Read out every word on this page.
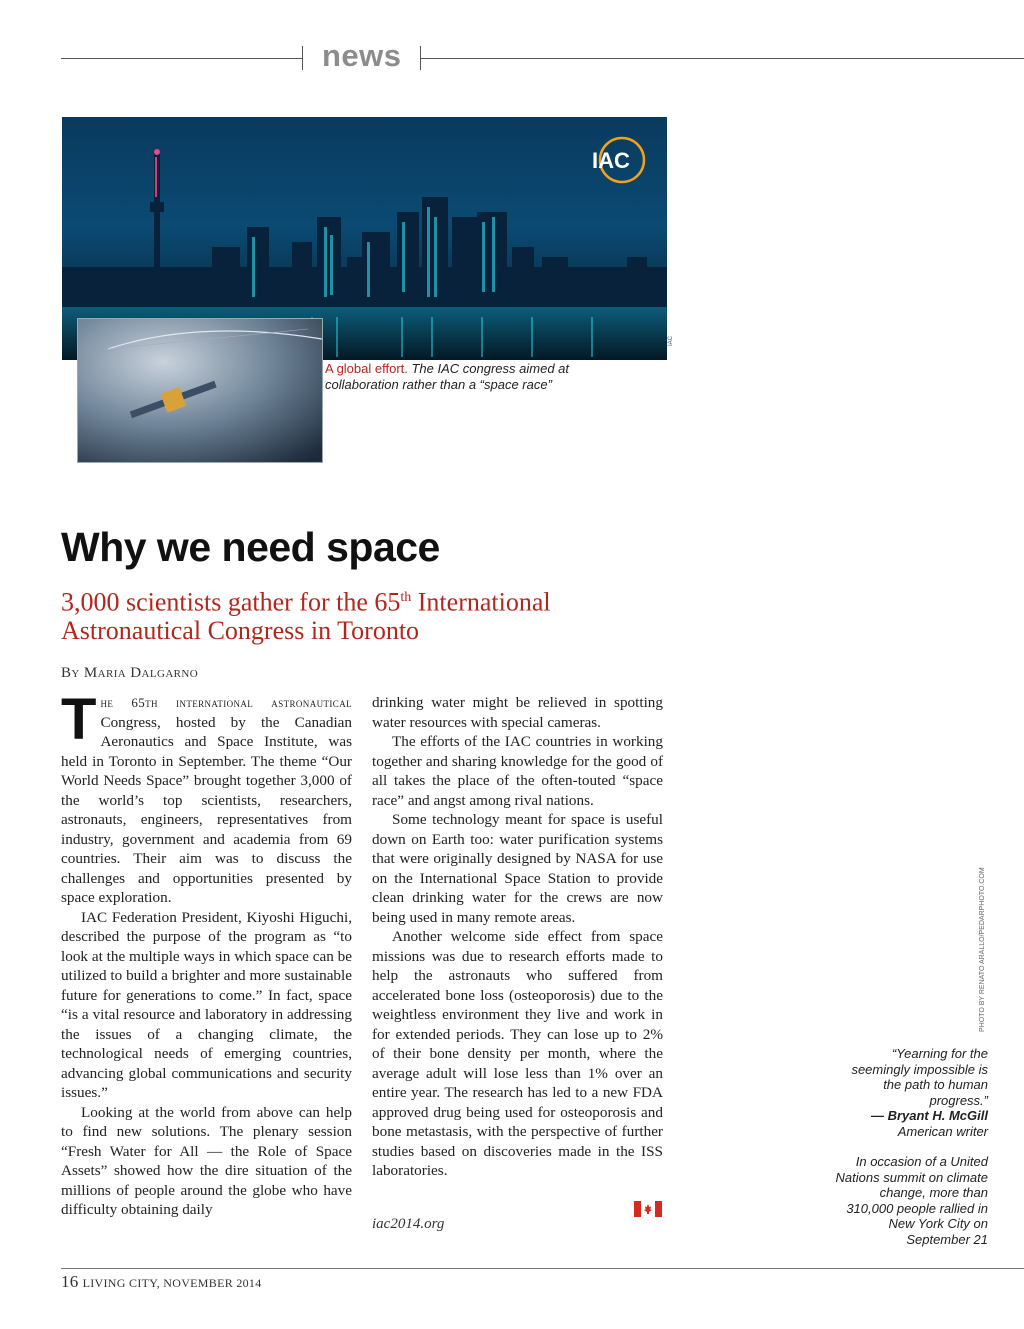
news
IAC
IAC
A global effort. The IAC congress aimed at collaboration rather than a “space race”
Why we need space
3,000 scientists gather for the 65th International Astronautical Congress in Toronto
By Maria Dalgarno

The 65th international astronautical Congress, hosted by the Canadian Aeronautics and Space Institute, was held in Toronto in September. The theme “Our World Needs Space” brought together 3,000 of the world’s top scientists, researchers, astronauts, engineers, representatives from industry, government and academia from 69 countries. Their aim was to discuss the challenges and opportunities presented by space exploration.

IAC Federation President, Kiyoshi Higuchi, described the purpose of the program as “to look at the multiple ways in which space can be utilized to build a brighter and more sustainable future for generations to come.” In fact, space “is a vital resource and laboratory in addressing the issues of a changing climate, the technological needs of emerging countries, advancing global communications and security issues.”

Looking at the world from above can help to find new solutions. The plenary session “Fresh Water for All — the Role of Space Assets” showed how the dire situation of the millions of people around the globe who have difficulty obtaining daily

drinking water might be relieved in spotting water resources with special cameras.

The efforts of the IAC countries in working together and sharing knowledge for the good of all takes the place of the often-touted “space race” and angst among rival nations.

Some technology meant for space is useful down on Earth too: water purification systems that were originally designed by NASA for use on the International Space Station to provide clean drinking water for the crews are now being used in many remote areas.

Another welcome side effect from space missions was due to research efforts made to help the astronauts who suffered from accelerated bone loss (osteoporosis) due to the weightless environment they live and work in for extended periods. They can lose up to 2% of their bone density per month, where the average adult will lose less than 1% over an entire year. The research has led to a new FDA approved drug being used for osteoporosis and bone metastasis, with the perspective of further studies based on discoveries made in the ISS laboratories.

iac2014.org
PHOTO BY RENATO ARALLO/PEDARPHOTO.COM
“Yearning for the seemingly impossible is the path to human progress.”
— Bryant H. McGill
American writer
In occasion of a United Nations summit on climate change, more than 310,000 people rallied in New York City on September 21
16 LIVING CITY, NOVEMBER 2014
